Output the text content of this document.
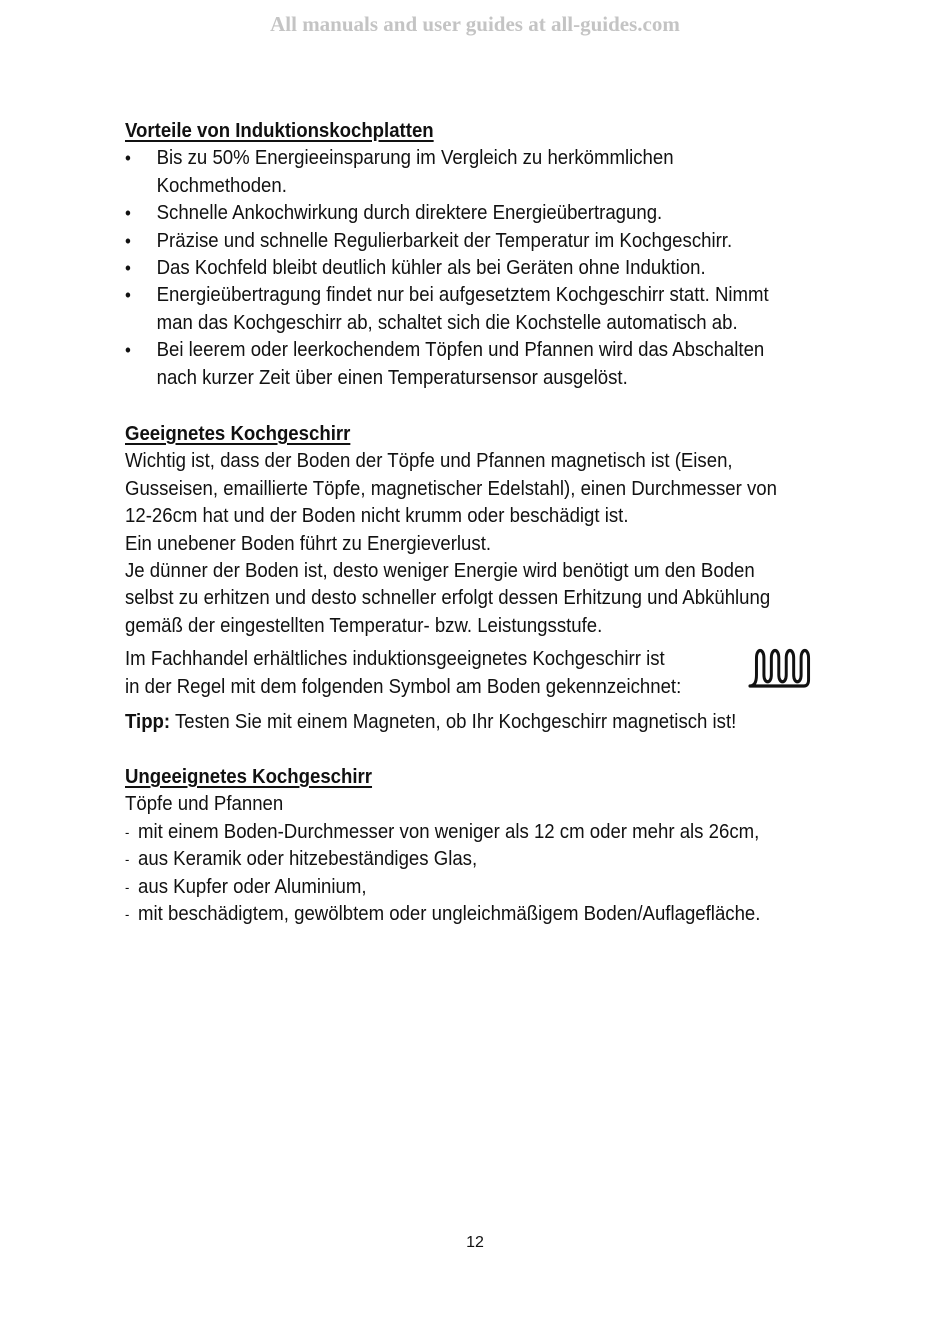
All manuals and user guides at all-guides.com
Vorteile von Induktionskochplatten
• Bis zu 50% Energieeinsparung im Vergleich zu herkömmlichen Kochmethoden.
• Schnelle Ankochwirkung durch direktere Energieübertragung.
• Präzise und schnelle Regulierbarkeit der Temperatur im Kochgeschirr.
• Das Kochfeld bleibt deutlich kühler als bei Geräten ohne Induktion.
• Energieübertragung findet nur bei aufgesetztem Kochgeschirr statt. Nimmt man das Kochgeschirr ab, schaltet sich die Kochstelle automatisch ab.
• Bei leerem oder leerkochendem Töpfen und Pfannen wird das Abschalten nach kurzer Zeit über einen Temperatursensor ausgelöst.
Geeignetes Kochgeschirr

Wichtig ist, dass der Boden der Töpfe und Pfannen magnetisch ist (Eisen, Gusseisen, emaillierte Töpfe, magnetischer Edelstahl), einen Durchmesser von 12-26cm hat und der Boden nicht krumm oder beschädigt ist.

Ein unebener Boden führt zu Energieverlust.

Je dünner der Boden ist, desto weniger Energie wird benötigt um den Boden selbst zu erhitzen und desto schneller erfolgt dessen Erhitzung und Abkühlung gemäß der eingestellten Temperatur- bzw. Leistungsstufe.

Im Fachhandel erhältliches induktionsgeeignetes Kochgeschirr ist

in der Regel mit dem folgenden Symbol am Boden gekennzeichnet:

Tipp: Testen Sie mit einem Magneten, ob Ihr Kochgeschirr magnetisch ist!

Ungeeignetes Kochgeschirr

Töpfe und Pfannen

- mit einem Boden-Durchmesser von weniger als 12 cm oder mehr als 26cm,
- aus Keramik oder hitzebeständiges Glas,
- aus Kupfer oder Aluminium,
- mit beschädigtem, gewölbtem oder ungleichmäßigem Boden/Auflagefläche.
12
